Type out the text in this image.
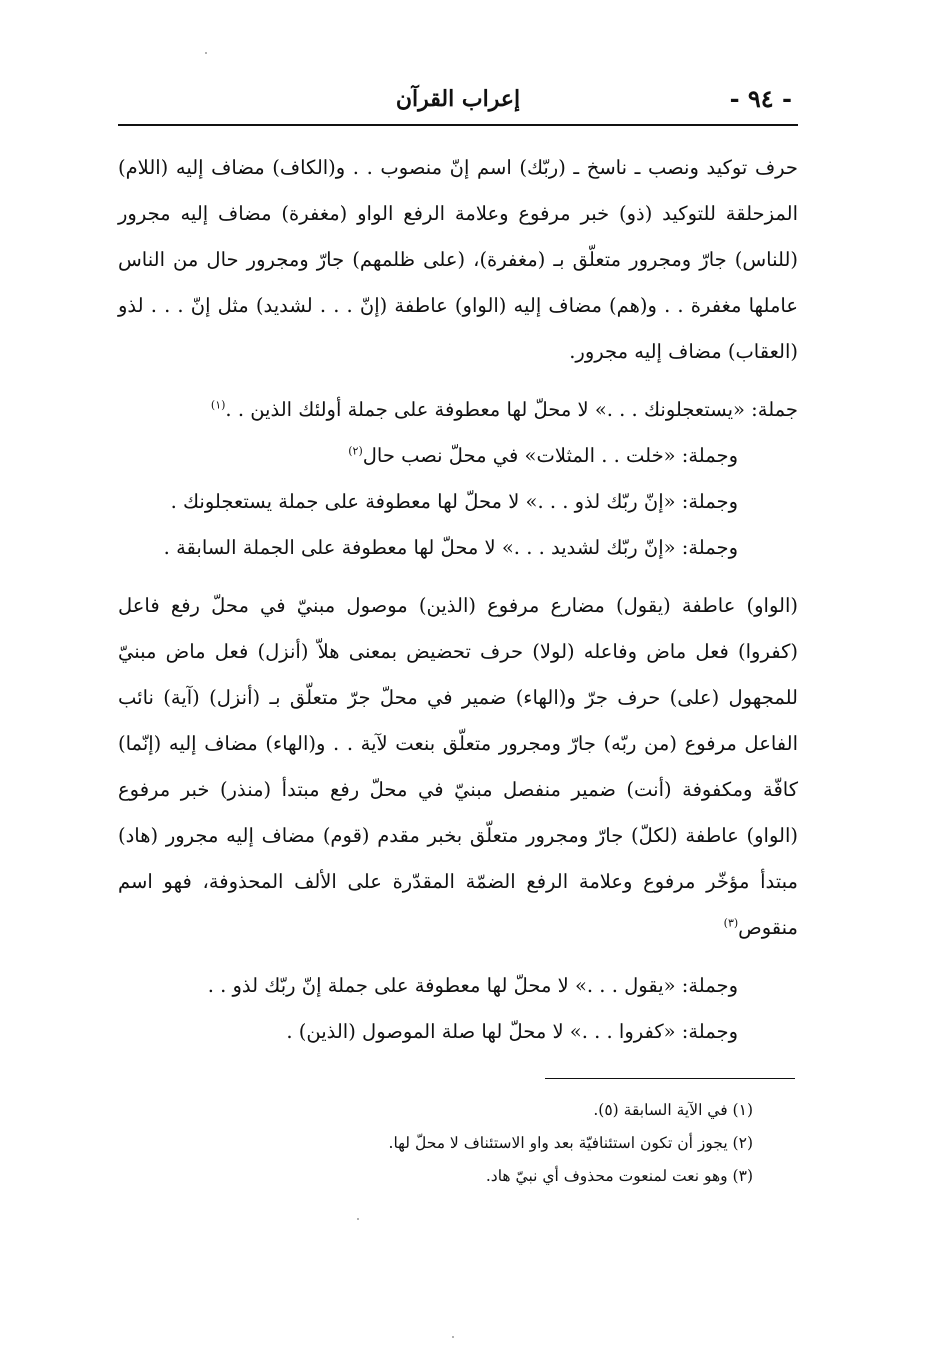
- ٩٤ -
إعراب القرآن

حرف توكيد ونصب ـ ناسخ ـ (ربّك) اسم إنّ منصوب . . و(الكاف) مضاف إليه (اللام) المزحلقة للتوكيد (ذو) خبر مرفوع وعلامة الرفع الواو (مغفرة) مضاف إليه مجرور (للناس) جارّ ومجرور متعلّق بـ (مغفرة)، (على ظلمهم) جارّ ومجرور حال من الناس عاملها مغفرة . . و(هم) مضاف إليه (الواو) عاطفة (إنّ . . . لشديد) مثل إنّ . . . لذو (العقاب) مضاف إليه مجرور.

جملة: «يستعجلونك . . .» لا محلّ لها معطوفة على جملة أولئك الذين . .$^{(١)}$

وجملة: «خلت . . المثلات» في محلّ نصب حال$^{(٢)}$
وجملة: «إنّ ربّك لذو . . .» لا محلّ لها معطوفة على جملة يستعجلونك .
وجملة: «إنّ ربّك لشديد . . .» لا محلّ لها معطوفة على الجملة السابقة .

(الواو) عاطفة (يقول) مضارع مرفوع (الذين) موصول مبنيّ في محلّ رفع فاعل (كفروا) فعل ماض وفاعله (لولا) حرف تحضيض بمعنى هلاّ (أنزل) فعل ماض مبنيّ للمجهول (على) حرف جرّ و(الهاء) ضمير في محلّ جرّ متعلّق بـ (أنزل) (آية) نائب الفاعل مرفوع (من ربّه) جارّ ومجرور متعلّق بنعت لآية . . و(الهاء) مضاف إليه (إنّما) كافّة ومكفوفة (أنت) ضمير منفصل مبنيّ في محلّ رفع مبتدأ (منذر) خبر مرفوع (الواو) عاطفة (لكلّ) جارّ ومجرور متعلّق بخبر مقدم (قوم) مضاف إليه مجرور (هاد) مبتدأ مؤخّر مرفوع وعلامة الرفع الضمّة المقدّرة على الألف المحذوفة، فهو اسم منقوص$^{(٣)}$

وجملة: «يقول . . .» لا محلّ لها معطوفة على جملة إنّ ربّك لذو . .
وجملة: «كفروا . . .» لا محلّ لها صلة الموصول (الذين) .
(١) في الآية السابقة (٥).
(٢) يجوز أن تكون استئنافيّة بعد واو الاستئناف لا محلّ لها.
(٣) وهو نعت لمنعوت محذوف أي نبيّ هاد.
